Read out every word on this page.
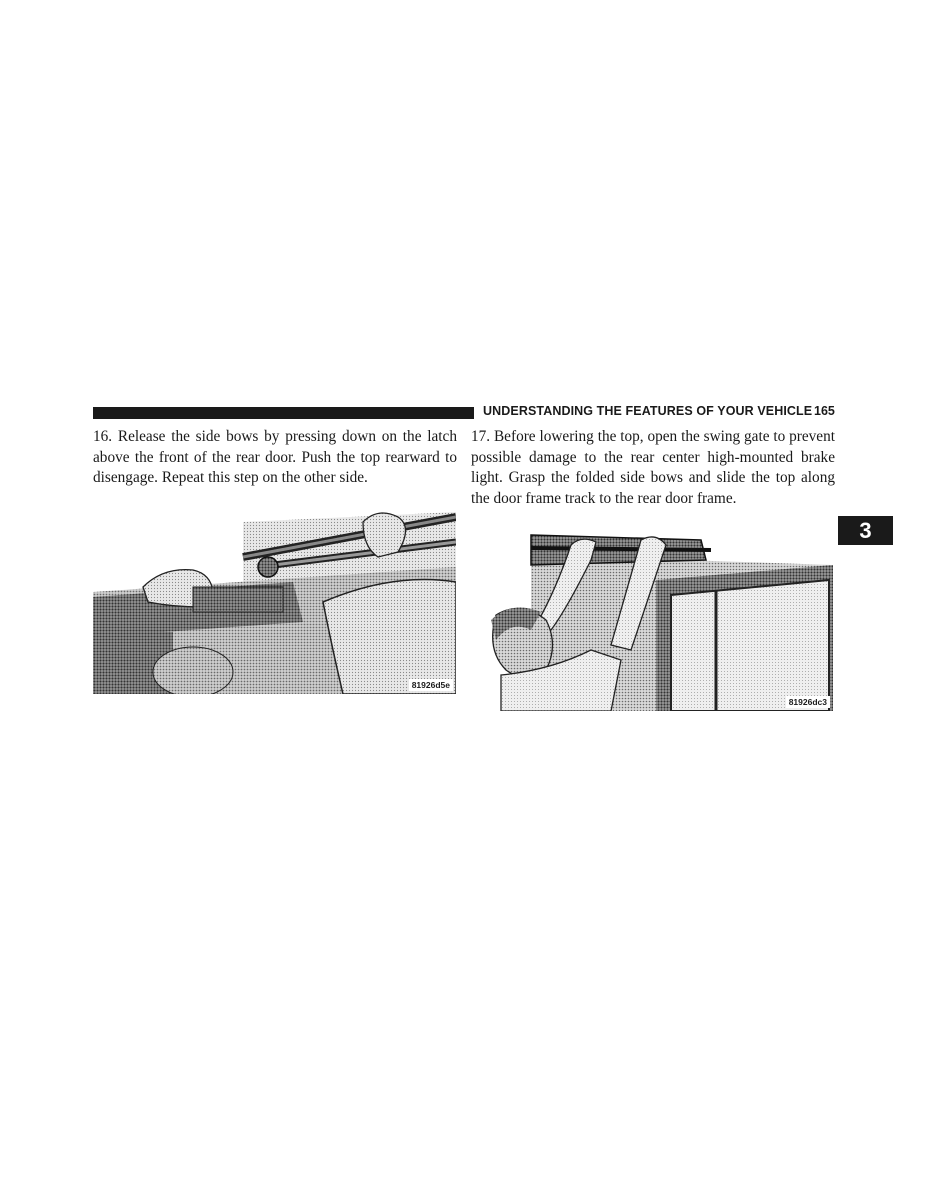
UNDERSTANDING THE FEATURES OF YOUR VEHICLE 165
16. Release the side bows by pressing down on the latch above the front of the rear door. Push the top rearward to disengage. Repeat this step on the other side.
17. Before lowering the top, open the swing gate to prevent possible damage to the rear center high-mounted brake light. Grasp the folded side bows and slide the top along the door frame track to the rear door frame.
3
81926d5e
81926dc3
